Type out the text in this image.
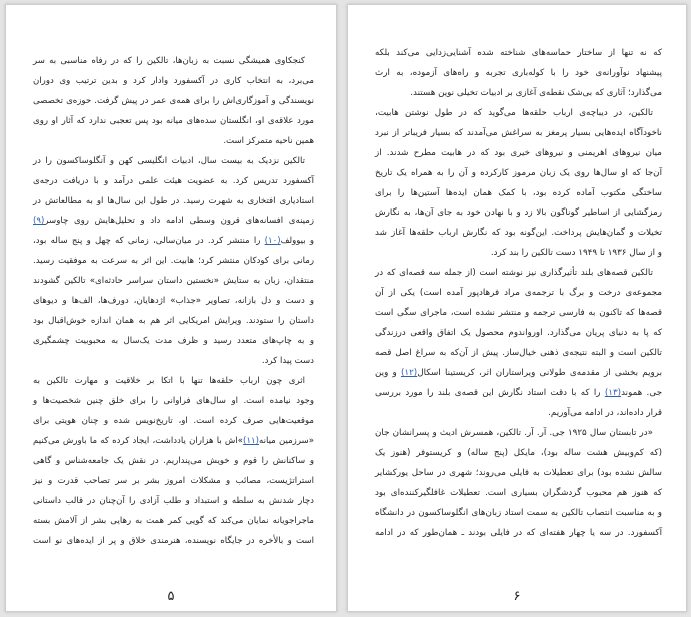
کنجکاوی همیشگی نسبت به زبان‌ها، تالکین را که در رفاه مناسبی به سر
می‌برد، به انتخاب کاری در آکسفورد وادار کرد و بدین ترتیب وی دوران
نویسندگی و آموزگاری‌اش را برای همه‌ی عمر در پیش گرفت. حوزه‌ی تخصصی
مورد علاقه‌ی او، انگلستان سده‌های میانه بود پس تعجبی ندارد که آثار او روی
همین ناحیه متمرکز است.
تالکین نزدیک به بیست سال، ادبیات انگلیسی کهن و آنگلوساکسون را در
آکسفورد تدریس کرد. به عضویت هیئت علمی درآمد و با دریافت درجه‌ی
استادیاری افتخاری به شهرت رسید. در طول این سال‌ها او به مطالعاتش در
زمینه‌ی افسانه‌های قرون وسطی ادامه داد و تحلیل‌هایش روی چاوسر(۹)
و بیوولف(۱۰) را منتشر کرد. در میان‌سالی، زمانی که چهل و پنج ساله بود،
رمانی برای کودکان منتشر کرد؛ هابیت. این اثر به سرعت به موفقیت رسید.
منتقدان، زبان به ستایش «نخستین داستان سراسر حادثه‌ای» تالکین گشودند
و دست و دل بازانه، تصاویر «جذاب» اژدهایان، دورف‌ها، الف‌ها و دیوهای
داستان را ستودند. ویرایش امریکایی اثر هم به همان اندازه خوش‌اقبال بود
و به چاپ‌های متعدد رسید و ظرف مدت یک‌سال به محبوبیت چشمگیری
دست پیدا کرد.
اثری چون ارباب حلقه‌ها تنها با اتکا بر خلاقیت و مهارت تالکین به
وجود نیامده است. او سال‌های فراوانی را برای خلق چنین شخصیت‌ها و
موقعیت‌هایی صرف کرده است. او، تاریخ‌نویس شده و چنان هویتی برای
«سرزمین میانه(۱۱)»اش با هزاران یادداشت، ایجاد کرده که ما باورش می‌کنیم
و ساکنانش را قوم و خویش می‌پنداریم. در نقش یک جامعه‌شناس و گاهی
استراتژیست، مصائب و مشکلات امروز بشر بر سر تصاحب قدرت و نیز
دچار شدنش به سلطه و استبداد و طلب آزادی را آن‌چنان در قالب داستانی
ماجراجویانه نمایان می‌کند که گویی کمر همت به رهایی بشر از آلامش بسته
است و بالأخره در جایگاه نویسنده، هنرمندی خلاق و پر از ایده‌های نو است
۵
که نه تنها از ساختار حماسه‌های شناخته شده آشنایی‌زدایی می‌کند بلکه
پیشنهاد نوآورانه‌ی خود را با کوله‌باری تجربه و راه‌های آزموده، به ارث
می‌گذارد؛ آثاری که بی‌شک نقطه‌ی آغازی بر ادبیات تخیلی نوین هستند.
تالکین، در دیباچه‌ی ارباب حلقه‌ها می‌گوید که در طول نوشتن هابیت،
ناخودآگاه ایده‌هایی بسیار پرمغز به سراغش می‌آمدند که بسیار فریباتر از نبرد
میان نیروهای اهریمنی و نیروهای خیری بود که در هابیت مطرح شدند. از
آن‌جا که او سال‌ها روی یک زبان مرموز کارکرده و آن را به همراه یک تاریخ
ساختگی مکتوب آماده کرده بود، با کمک همان ایده‌ها آستین‌ها را برای
رمزگشایی از اساطیر گوناگون بالا زد و با نهادن خود به جای آن‌ها، به نگارش
تخیلات و گمان‌هایش پرداخت. این‌گونه بود که نگارش ارباب حلقه‌ها آغاز شد
و از سال ۱۹۳۶ تا ۱۹۴۹ دست تالکین را بند کرد.
تالکین قصه‌های بلند تأثیرگذاری نیز نوشته است (از جمله سه قصه‌ای که در
مجموعه‌ی درخت و برگ با ترجمه‌ی مراد فرهادپور آمده است) یکی از آن
قصه‌ها که تاکنون به فارسی ترجمه و منتشر نشده است، ماجرای سگی است
که پا به دنیای پریان می‌گذارد. اورواندوم محصول یک اتفاق واقعی درزندگی
تالکین است و البته نتیجه‌ی ذهنی خیال‌ساز. پیش از آن‌که به سراغ اصل قصه
برویم بخشی از مقدمه‌ی طولانی ویراستاران اثر، کریستینا اسکال(۱۲) و وین
جی. هموند(۱۳) را که با دقت استاد نگارش این قصه‌ی بلند را مورد بررسی
قرار داده‌اند، در ادامه می‌آوریم.
«در تابستان سال ۱۹۲۵ جی. آر. آر. تالکین، همسرش ادیث و پسرانشان جان
(که کم‌وبیش هشت ساله بود)، مایکل (پنج ساله) و کریستوفر (هنوز یک
سالش نشده بود) برای تعطیلات به فایلی می‌روند؛ شهری در ساحل یورکشایر
که هنوز هم محبوب گردشگران بسیاری است. تعطیلات غافلگیرکننده‌ای بود
و به مناسبت انتصاب تالکین به سمت استاد زبان‌های انگلوساکسون در دانشگاه
آکسفورد. در سه یا چهار هفته‌ای که در فایلی بودند ـ همان‌طور که در ادامه
۶
